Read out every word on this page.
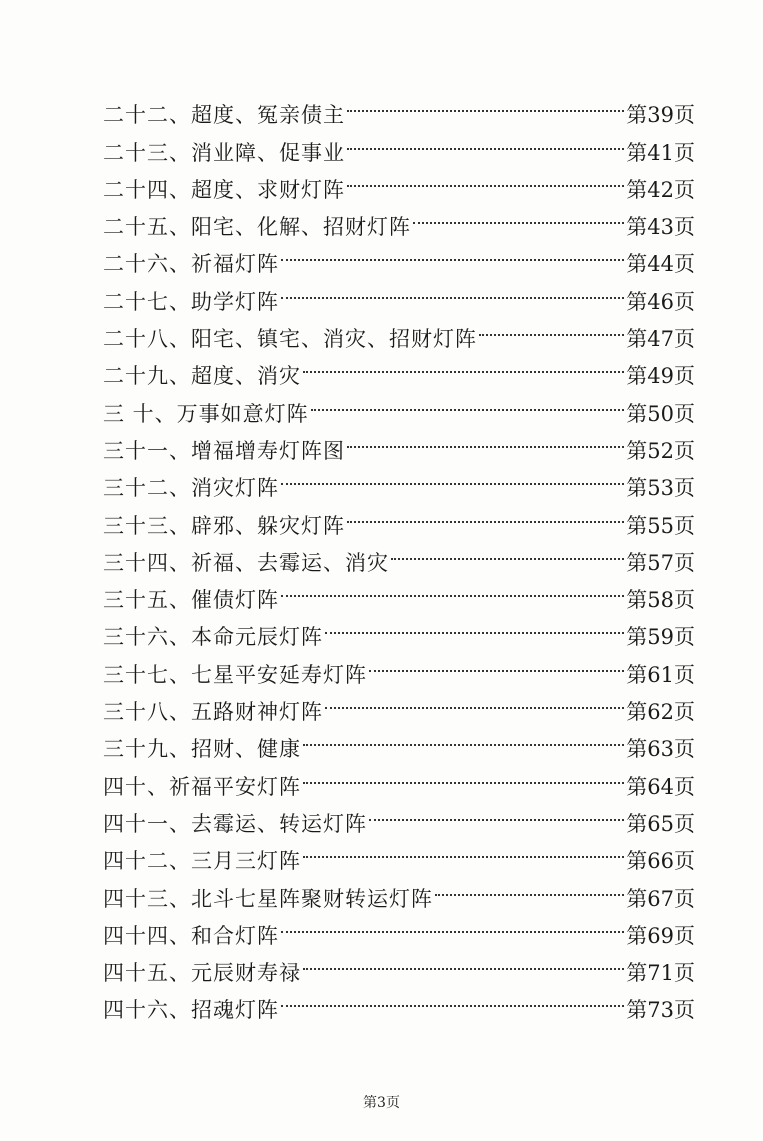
二十二、超度、冤亲债主	第39页
二十三、消业障、促事业	第41页
二十四、超度、求财灯阵	第42页
二十五、阳宅、化解、招财灯阵	第43页
二十六、祈福灯阵	第44页
二十七、助学灯阵	第46页
二十八、阳宅、镇宅、消灾、招财灯阵	第47页
二十九、超度、消灾	第49页
三 十、万事如意灯阵	第50页
三十一、增福增寿灯阵图	第52页
三十二、消灾灯阵	第53页
三十三、辟邪、躲灾灯阵	第55页
三十四、祈福、去霉运、消灾	第57页
三十五、催债灯阵	第58页
三十六、本命元辰灯阵	第59页
三十七、七星平安延寿灯阵	第61页
三十八、五路财神灯阵	第62页
三十九、招财、健康	第63页
四十、祈福平安灯阵	第64页
四十一、去霉运、转运灯阵	第65页
四十二、三月三灯阵	第66页
四十三、北斗七星阵聚财转运灯阵	第67页
四十四、和合灯阵	第69页
四十五、元辰财寿禄	第71页
四十六、招魂灯阵	第73页
第3页
